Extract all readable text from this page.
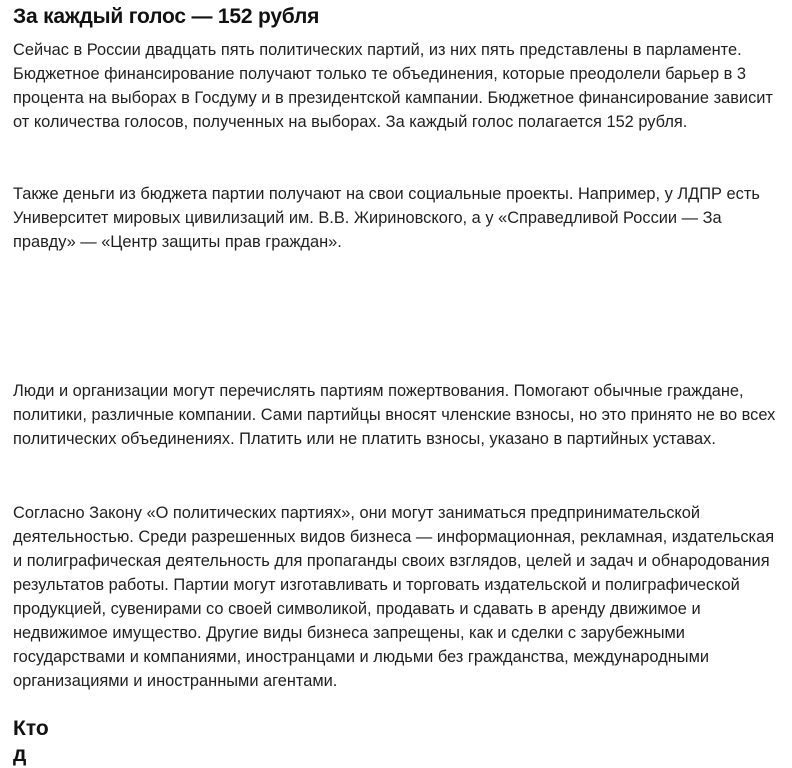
За каждый голос — 152 рубля

Сейчас в России двадцать пять политических партий, из них пять представлены в парламенте. Бюджетное финансирование получают только те объединения, которые преодолели барьер в 3 процента на выборах в Госдуму и в президентской кампании. Бюджетное финансирование зависит от количества голосов, полученных на выборах. За каждый голос полагается 152 рубля.

Также деньги из бюджета партии получают на свои социальные проекты. Например, у ЛДПР есть Университет мировых цивилизаций им. В.В. Жириновского, а у «Справедливой России — За правду» — «Центр защиты прав граждан».

Люди и организации могут перечислять партиям пожертвования. Помогают обычные граждане, политики, различные компании. Сами партийцы вносят членские взносы, но это принято не во всех политических объединениях. Платить или не платить взносы, указано в партийных уставах.

Согласно Закону «О политических партиях», они могут заниматься предпринимательской деятельностью. Среди разрешенных видов бизнеса — информационная, рекламная, издательская и полиграфическая деятельность для пропаганды своих взглядов, целей и задач и обнародования результатов работы. Партии могут изготавливать и торговать издательской и полиграфической продукцией, сувенирами со своей символикой, продавать и сдавать в аренду движимое и недвижимое имущество. Другие виды бизнеса запрещены, как и сделки с зарубежными государствами и компаниями, иностранцами и людьми без гражданства, международными организациями и иностранными агентами.

Кто д
